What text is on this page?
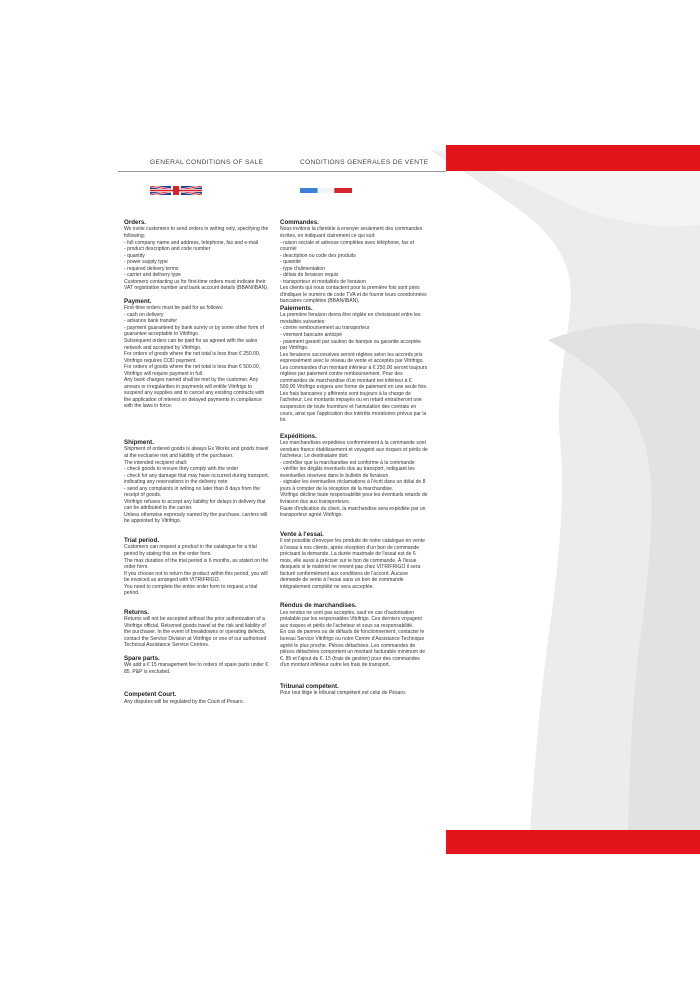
GENERAL CONDITIONS OF SALE	CONDITIONS GENERALES DE VENTE
Orders.

We invite customers to send orders in writing only, specifying the following:
- full company name and address, telephone, fax and e-mail
- product description and code number
- quantity
- power supply type
- required delivery terms
- carrier and delivery type
Customers contacting us for first-time orders must indicate their VAT registration number and bank account details (BBAN/IBAN).

Payment.

First-time orders must be paid for as follows:
- cash on delivery
- advance bank transfer
- payment guaranteed by bank surety or by some other form of guarantee acceptable to Vitrifrigo.
Subsequent orders can be paid for as agreed with the sales network and accepted by Vitrifrigo.
For orders of goods where the net total is less than € 250.00, Vitrifrigo requires COD payment.
For orders of goods where the net total is less than € 500.00, Vitrifrigo will require payment in full.
Any bank charges named shall be met by the customer. Any arrears or irregularities in payments will entitle Vitrifrigo to suspend any supplies and to cancel any existing contracts with the application of interest on delayed payments in compliance with the laws in force.

Shipment.

Shipment of ordered goods is always Ex Works and goods travel at the exclusive risk and liability of the purchaser.
The intended recipient shall:
- check goods to ensure they comply with the order
- check for any damage that may have occurred during transport, indicating any reservations in the delivery note
- send any complaints in writing no later than 8 days from the receipt of goods.
Vitrifrigo refuses to accept any liability for delays in delivery that can be attributed to the carrier.
Unless otherwise expressly named by the purchase, carriers will be appointed by Vitrifrigo.

Trial period.

Customers can request a product in the catalogue for a trial period by stating this on the order form.
The max duration of the trial period is 6 months, as stated on the order form.
If you choose not to return the product within this period, you will be invoiced as arranged with VITRIFRIGO.
You need to complete the entire order form to request a trial period.

Returns.

Returns will not be accepted without the prior authorization of a Vitrifrigo official. Returned goods travel at the risk and liability of the purchaser. In the event of breakdowns or operating defects, contact the Service Division at Vitrifrigo or one of our authorised Technical Assistance Service Centres.

Spare parts.

We add a € 15 management fee to orders of spare parts under € 85. P&P is excluded.

Competent Court.

Any disputes will be regulated by the Court of Pesaro.

Commandes.

Nous invitons la clientèle à envoyer seulement des commandes écrites, en indiquant clairement ce qui suit:
- raison sociale et adresse complètes avec téléphone, fax et courriel
- description ou code des produits
- quantité
- type d'alimentation
- délais de livraison requis
- transporteur et modalités de livraison
Les clients qui nous contactent pour la première fois sont priés d'indiquer le numéro de code TVA et de fournir leurs coordonnées bancaires complètes (BBAN/IBAN).

Paiements.

La première livraison devra être réglée en choisissant entre les modalités suivantes:
- contre remboursement au transporteur
- virement bancaire anticipé
- paiement garanti par caution de banque ou garantie acceptée par Vitrifrigo.
Les livraisons successives seront réglées selon les accords pris expressément avec le réseau de vente et acceptés par Vitrifrigo.
Les commandes d'un montant inférieur à € 250,00 seront toujours réglées par paiement contre remboursement. Pour des commandes de marchandise d'un montant net inférieur à € 500,00 Vitrifrigo exigera une forme de paiement en une seule fois. Les frais bancaires y afférents sont toujours à la charge de l'acheteur. Les montants impayés ou en retard entraîneront une suspension de toute fourniture et l'annulation des contrats en cours, ainsi que l'application des intérêts moratoires prévus par la loi.

Expéditions.

Les marchandises expédiées conformément à la commande sont vendues franco établissement et voyagent aux risques et périls de l'acheteur. Le destinataire doit:
- contrôler que la marchandise est conforme à la commande
- vérifier les dégâts éventuels dus au transport, indiquant les éventuelles réserves dans le bulletin de livraison
- signaler les éventuelles réclamations à l'écrit dans un délai de 8 jours à compter de la réception de la marchandise.
Vitrifrigo décline toute responsabilité pour les éventuels retards de livraison dus aux transporteurs.
Faute d'indication du client, la marchandise sera expédiée par un transporteur agréé Vitrifrigo.

Vente à l'essai.

Il est possible d'envoyer les produits de notre catalogue en vente à l'essai à nos clients, après réception d'un bon de commande précisant la demande. La durée maximale de l'essai est de 6 mois, elle aussi à préciser sur le bon de commande. À l'issue desquels si le matériel ne revient pas chez VITRIFRIGO il sera facturé conformément aux conditions de l'accord. Aucune demande de vente à l'essai sans un bon de commande intégralement complété ne sera acceptée.

Rendus de marchandises.

Les rendus ne sont pas acceptés, sauf en cas d'autorisation préalable par les responsables Vitrifrigo. Ces derniers voyagent aux risques et périls de l'acheteur et sous sa responsabilité.
En cas de pannes ou de défauts de fonctionnement, contacter le bureau Service Vitrifrigo ou notre Centre d'Assistance Technique agréé le plus proche. Pièces détachées. Les commandes de pièces détachées comportent un montant facturable minimum de €. 85 et l'ajout de €. 15 (frais de gestion) pour des commandes d'un montant inférieur outre les frais de transport.

Tribunal compétent.

Pour tout litige le tribunal compétent est celui de Pésaro.
